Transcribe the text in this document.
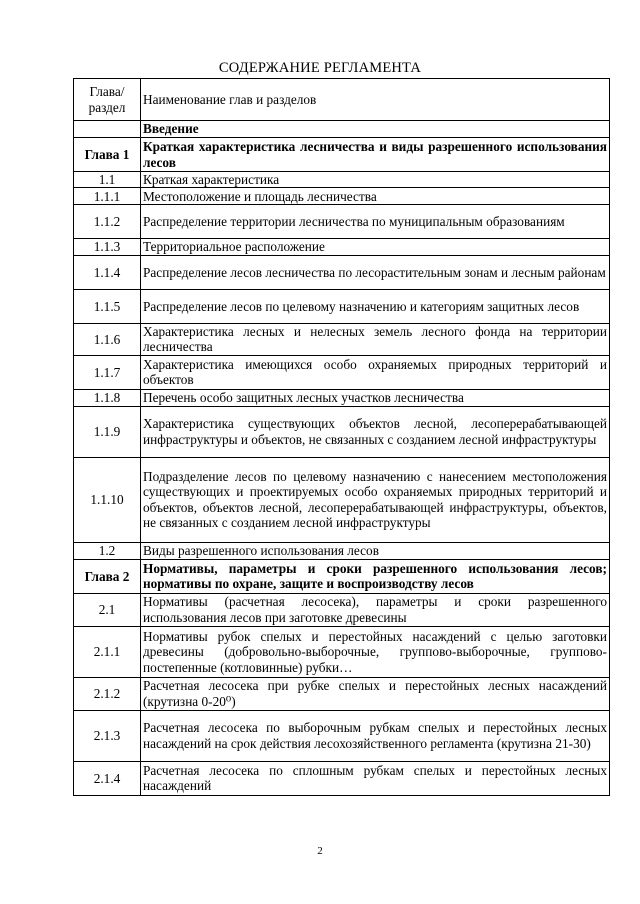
СОДЕРЖАНИЕ РЕГЛАМЕНТА
Глава/ раздел	Наименование глав и разделов
	Введение
Глава 1	Краткая характеристика лесничества и виды разрешенного использования лесов
1.1	Краткая характеристика
1.1.1	Местоположение и площадь лесничества
1.1.2	Распределение территории лесничества по муниципальным образованиям
1.1.3	Территориальное расположение
1.1.4	Распределение лесов лесничества по лесорастительным зонам и лесным районам
1.1.5	Распределение лесов по целевому назначению и категориям защитных лесов
1.1.6	Характеристика лесных и нелесных земель лесного фонда на территории лесничества
1.1.7	Характеристика имеющихся особо охраняемых природных территорий и объектов
1.1.8	Перечень особо защитных лесных участков лесничества
1.1.9	Характеристика существующих объектов лесной, лесоперерабатывающей инфраструктуры и объектов, не связанных с созданием лесной инфраструктуры
1.1.10	Подразделение лесов по целевому назначению с нанесением местоположения существующих и проектируемых особо охраняемых природных территорий и объектов, объектов лесной, лесоперерабатывающей инфраструктуры, объектов, не связанных с созданием лесной инфраструктуры
1.2	Виды разрешенного использования лесов
Глава 2	Нормативы, параметры и сроки разрешенного использования лесов; нормативы по охране, защите и воспроизводству лесов
2.1	Нормативы (расчетная лесосека), параметры и сроки разрешенного использования лесов при заготовке древесины
2.1.1	Нормативы рубок спелых и перестойных насаждений с целью заготовки древесины (добровольно-выборочные, группово-выборочные, группово-постепенные (котловинные) рубки…
2.1.2	Расчетная лесосека при рубке спелых и перестойных лесных насаждений (крутизна 0-20⁰)
2.1.3	Расчетная лесосека по выборочным рубкам спелых и перестойных лесных насаждений на срок действия лесохозяйственного регламента (крутизна 21-30)
2.1.4	Расчетная лесосека по сплошным рубкам спелых и перестойных лесных насаждений
2
